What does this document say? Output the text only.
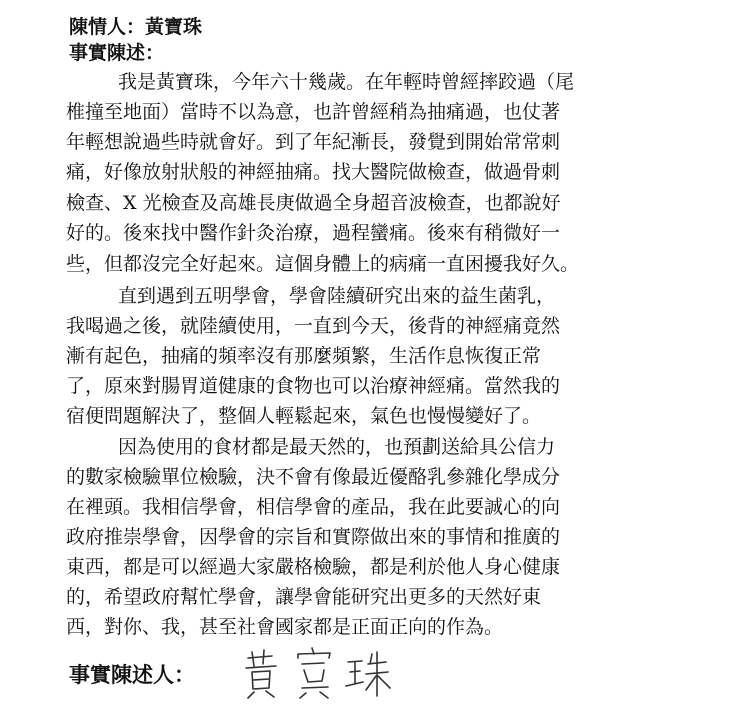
陳情人：黃寶珠
事實陳述：
我是黃寶珠，今年六十幾歲。在年輕時曾經摔跤過（尾
椎撞至地面）當時不以為意，也許曾經稍為抽痛過，也仗著
年輕想說過些時就會好。到了年紀漸長，發覺到開始常常刺
痛，好像放射狀般的神經抽痛。找大醫院做檢查，做過骨刺
檢查、X 光檢查及高雄長庚做過全身超音波檢查，也都說好
好的。後來找中醫作針灸治療，過程蠻痛。後來有稍微好一
些，但都沒完全好起來。這個身體上的病痛一直困擾我好久。
直到遇到五明學會，學會陸續研究出來的益生菌乳，
我喝過之後，就陸續使用，一直到今天，後背的神經痛竟然
漸有起色，抽痛的頻率沒有那麼頻繁，生活作息恢復正常
了，原來對腸胃道健康的食物也可以治療神經痛。當然我的
宿便問題解決了，整個人輕鬆起來，氣色也慢慢變好了。
因為使用的食材都是最天然的，也預劃送給具公信力
的數家檢驗單位檢驗，決不會有像最近優酪乳參雜化學成分
在裡頭。我相信學會，相信學會的產品，我在此要誠心的向
政府推崇學會，因學會的宗旨和實際做出來的事情和推廣的
東西，都是可以經過大家嚴格檢驗，都是利於他人身心健康
的，希望政府幫忙學會，讓學會能研究出更多的天然好東
西，對你、我，甚至社會國家都是正面正向的作為。
事實陳述人：
